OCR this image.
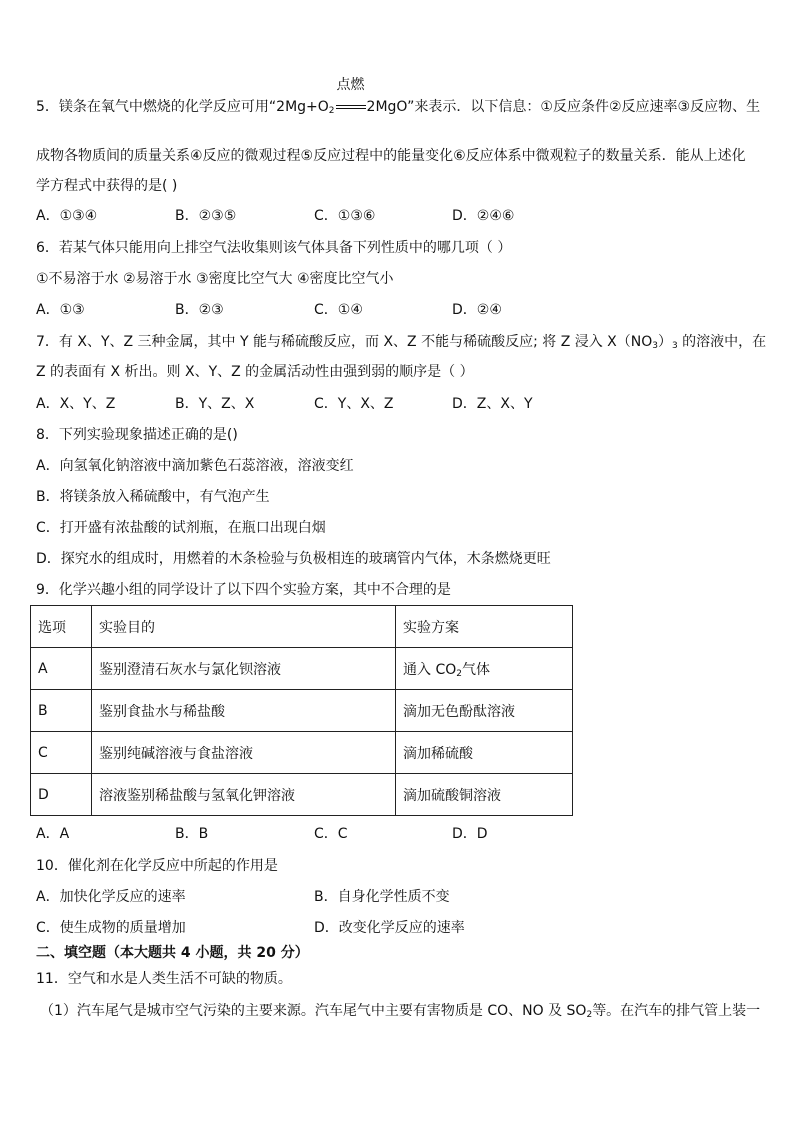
5．镁条在氧气中燃烧的化学反应可用“$2Mg+O_2$
点燃
2MgO”来表示．以下信息：①反应条件②反应速率③反应物、生
成物各物质间的质量关系④反应的微观过程⑤反应过程中的能量变化⑥反应体系中微观粒子的数量关系．能从上述化
学方程式中获得的是( )
A．①③④	B．②③⑤	C．①③⑥	D．②④⑥
6．若某气体只能用向上排空气法收集则该气体具备下列性质中的哪几项（ ）
①不易溶于水 ②易溶于水 ③密度比空气大 ④密度比空气小
A．①③	B．②③	C．①④	D．②④
7．有 X、Y、Z 三种金属，其中 Y 能与稀硫酸反应，而 X、Z 不能与稀硫酸反应; 将 Z 浸入 $X(NO_3)_3$ 的溶液中，在
Z 的表面有 X 析出。则 X、Y、Z 的金属活动性由强到弱的顺序是（ ）
A．X、Y、Z	B．Y、Z、X	C．Y、X、Z	D．Z、X、Y
8．下列实验现象描述正确的是()
A．向氢氧化钠溶液中滴加紫色石蕊溶液，溶液变红
B．将镁条放入稀硫酸中，有气泡产生
C．打开盛有浓盐酸的试剂瓶，在瓶口出现白烟
D．探究水的组成时，用燃着的木条检验与负极相连的玻璃管内气体，木条燃烧更旺
9．化学兴趣小组的同学设计了以下四个实验方案，其中不合理的是
选项	实验目的	实验方案
A	鉴别澄清石灰水与氯化钡溶液	通入 $CO_2$气体
B	鉴别食盐水与稀盐酸	滴加无色酚酞溶液
C	鉴别纯碱溶液与食盐溶液	滴加稀硫酸
D	溶液鉴别稀盐酸与氢氧化钾溶液	滴加硫酸铜溶液
A．A	B．B	C．C	D．D
10．催化剂在化学反应中所起的作用是
A．加快化学反应的速率	B．自身化学性质不变
C．使生成物的质量增加	D．改变化学反应的速率
二、填空题（本大题共 4 小题，共 20 分）
11．空气和水是人类生活不可缺的物质。
（1）汽车尾气是城市空气污染的主要来源。汽车尾气中主要有害物质是 CO、NO 及 $SO_2$等。在汽车的排气管上装一
